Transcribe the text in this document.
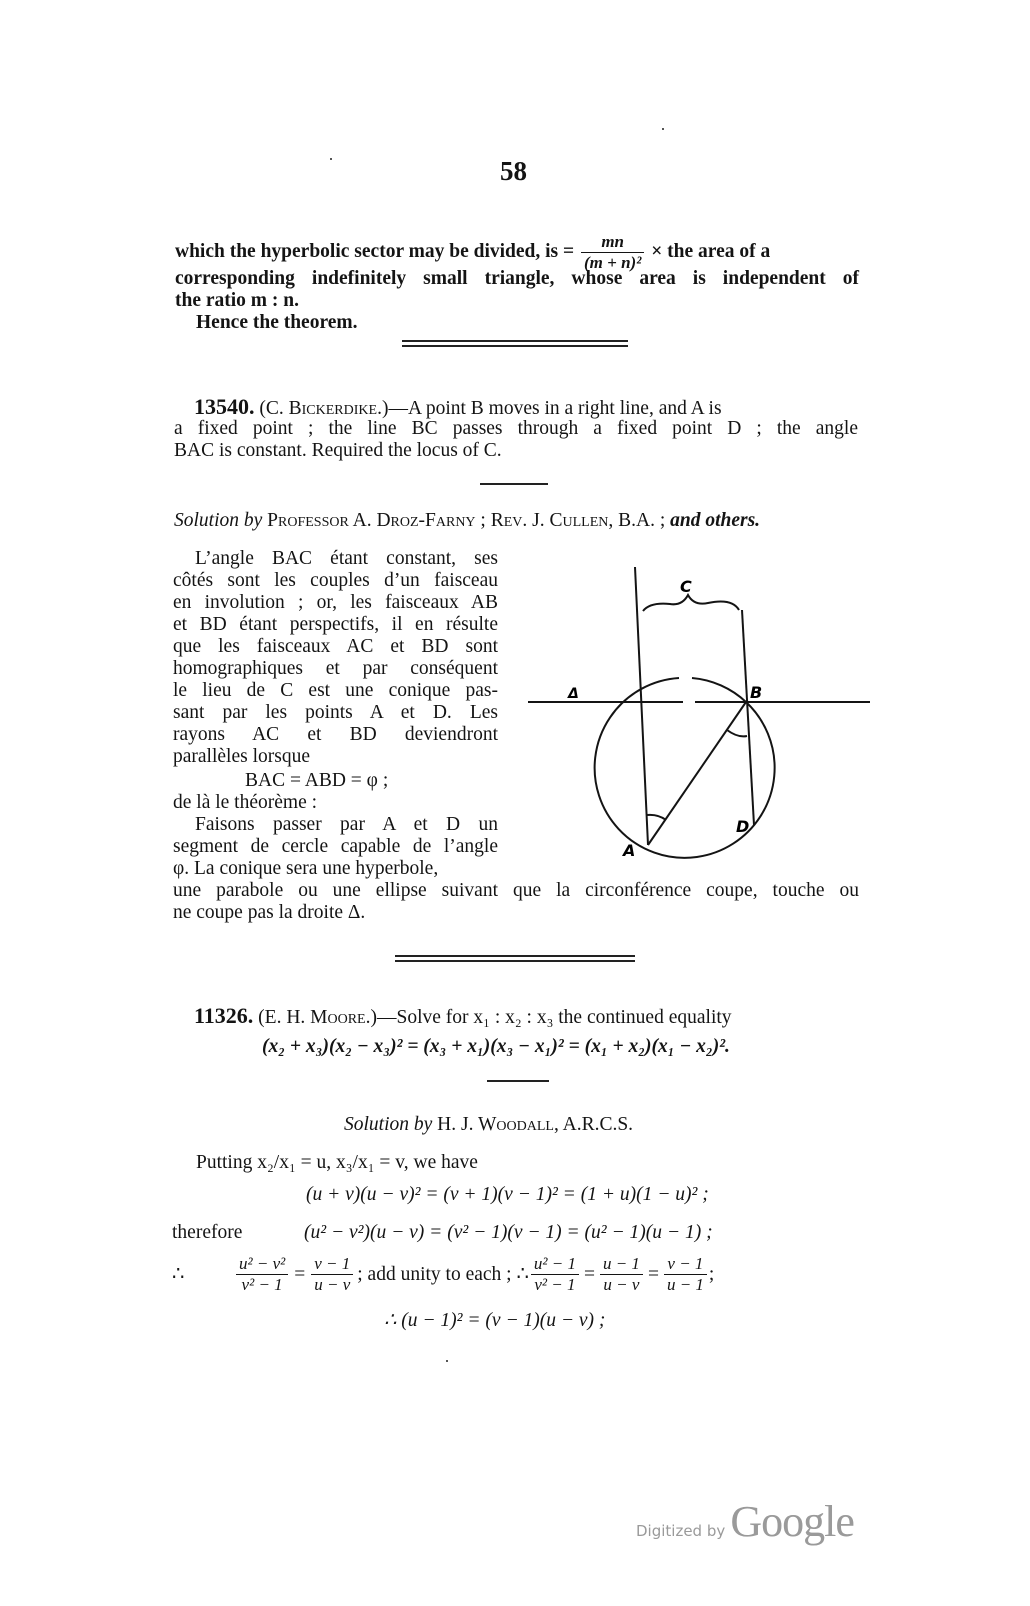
58
which the hyperbolic sector may be divided, is = $\frac{mn}{\text{(m + n)²}}$ × the area of a
corresponding indefinitely small triangle, whose area is independent of
the ratio m : n.
Hence the theorem.
13540. (C. Bickerdike.)—A point B moves in a right line, and A is
a fixed point ; the line BC passes through a fixed point D ; the angle
BAC is constant. Required the locus of C.
Solution by Professor A. Droz-Farny ; Rev. J. Cullen, B.A. ; and others.
L’angle BAC étant constant, ses
côtés sont les couples d’un faisceau
en involution ; or, les faisceaux AB
et BD étant perspectifs, il en résulte
que les faisceaux AC et BD sont
homographiques et par conséquent
le lieu de C est une conique pas-
sant par les points A et D. Les
rayons AC et BD deviendront
parallèles lorsque
BAC = ABD = φ ;
de là le théorème :
Faisons passer par A et D un
segment de cercle capable de l’angle
φ. La conique sera une hyperbole,
une parabole ou une ellipse suivant que la circonférence coupe, touche ou
ne coupe pas la droite Δ.
C
B
Δ
D
A
11326. (E. H. Moore.)—Solve for x₁ : x₂ : x₃ the continued equality
(x₂ + x₃)(x₂ − x₃)² = (x₃ + x₁)(x₃ − x₁)² = (x₁ + x₂)(x₁ − x₂)².
Solution by H. J. Woodall, A.R.C.S.
Putting x₂/x₁ = u, x₃/x₁ = v, we have
(u + v)(u − v)² = (v + 1)(v − 1)² = (1 + u)(1 − u)² ;
therefore	(u² − v²)(u − v) = (v² − 1)(v − 1) = (u² − 1)(u − 1) ;
∴	$\frac{\text{u² − v²}}{\text{v² − 1}} = \frac{v - 1}{u - v}$ ; add unity to each ; ∴ $\frac{\text{u² − 1}}{\text{v² − 1}} = \frac{u - 1}{u - v} = \frac{v - 1}{u - 1}$ ;
∴ (u − 1)² = (v − 1)(u − v) ;
Digitized by Google
